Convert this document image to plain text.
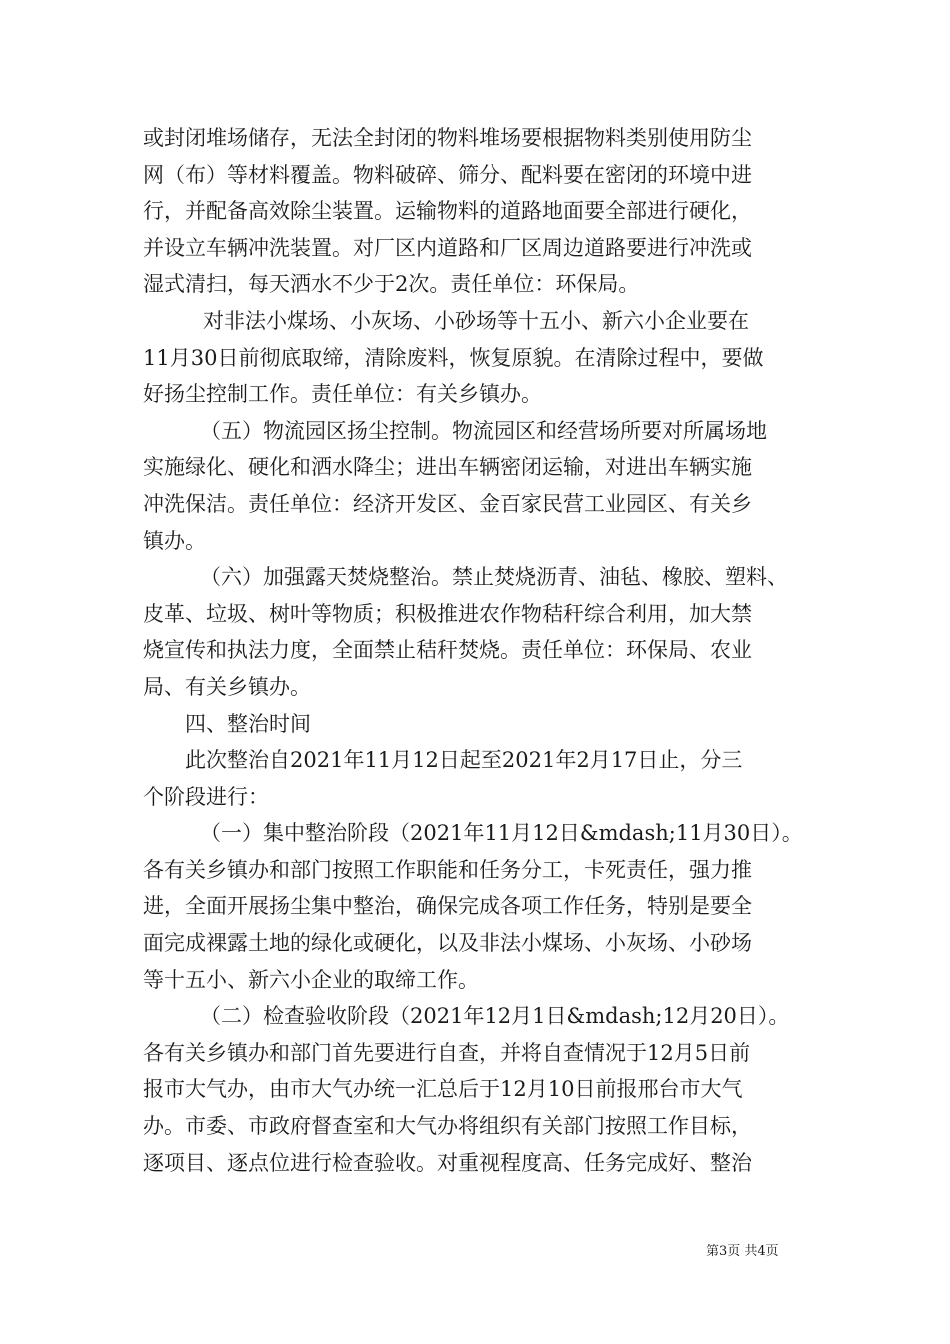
或封闭堆场储存，无法全封闭的物料堆场要根据物料类别使用防尘
网（布）等材料覆盖。物料破碎、筛分、配料要在密闭的环境中进
行，并配备高效除尘装置。运输物料的道路地面要全部进行硬化，
并设立车辆冲洗装置。对厂区内道路和厂区周边道路要进行冲洗或
湿式清扫，每天洒水不少于2次。责任单位：环保局。
对非法小煤场、小灰场、小砂场等十五小、新六小企业要在
11月30日前彻底取缔，清除废料，恢复原貌。在清除过程中，要做
好扬尘控制工作。责任单位：有关乡镇办。
（五）物流园区扬尘控制。物流园区和经营场所要对所属场地
实施绿化、硬化和洒水降尘；进出车辆密闭运输，对进出车辆实施
冲洗保洁。责任单位：经济开发区、金百家民营工业园区、有关乡
镇办。
（六）加强露天焚烧整治。禁止焚烧沥青、油毡、橡胶、塑料、
皮革、垃圾、树叶等物质；积极推进农作物秸秆综合利用，加大禁
烧宣传和执法力度，全面禁止秸秆焚烧。责任单位：环保局、农业
局、有关乡镇办。
四、整治时间
此次整治自2021年11月12日起至2021年2月17日止，分三
个阶段进行：
（一）集中整治阶段（2021年11月12日&mdash;11月30日）。
各有关乡镇办和部门按照工作职能和任务分工，卡死责任，强力推
进，全面开展扬尘集中整治，确保完成各项工作任务，特别是要全
面完成裸露土地的绿化或硬化，以及非法小煤场、小灰场、小砂场
等十五小、新六小企业的取缔工作。
（二）检查验收阶段（2021年12月1日&mdash;12月20日）。
各有关乡镇办和部门首先要进行自查，并将自查情况于12月5日前
报市大气办，由市大气办统一汇总后于12月10日前报邢台市大气
办。市委、市政府督查室和大气办将组织有关部门按照工作目标，
逐项目、逐点位进行检查验收。对重视程度高、任务完成好、整治
第3页 共4页
